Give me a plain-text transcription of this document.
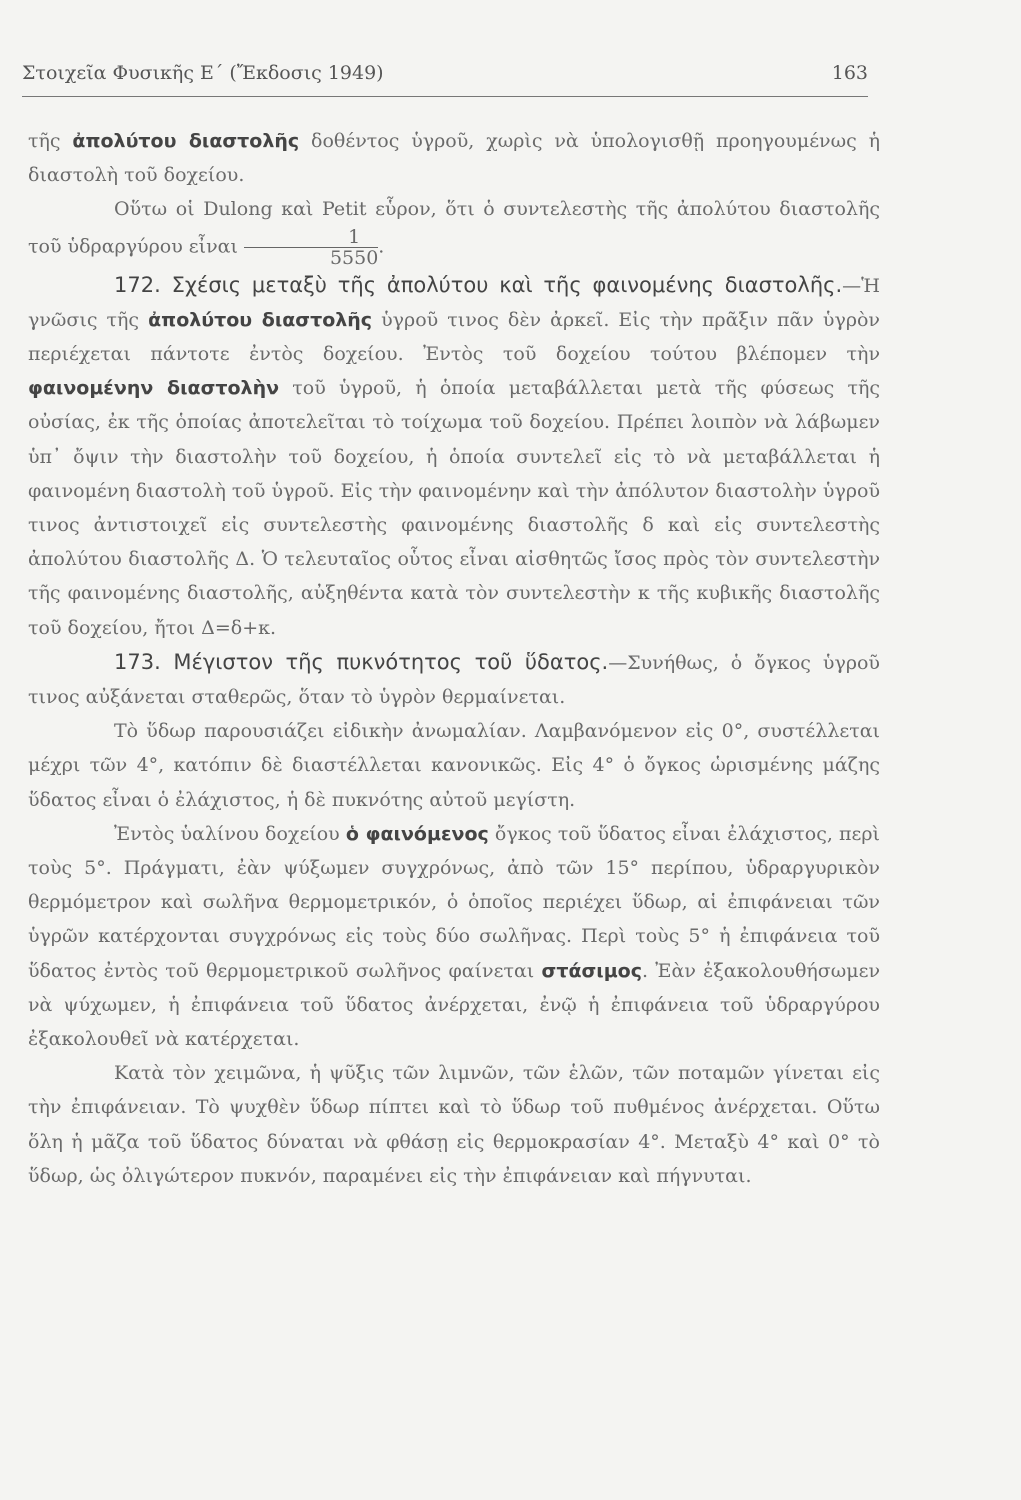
Στοιχεῖα Φυσικῆς Ε΄ (Ἔκδοσις 1949)	163

τῆς ἀπολύτου διαστολῆς δοθέντος ὑγροῦ, χωρὶς νὰ ὑπολογισθῇ προηγουμένως ἡ διαστολὴ τοῦ δοχείου.

Οὕτω οἱ Dulong καὶ Petit εὗρον, ὅτι ὁ συντελεστὴς τῆς ἀπολύτου διαστολῆς τοῦ ὑδραργύρου εἶναι $\frac{1}{5550}$ .

172. Σχέσις μεταξὺ τῆς ἀπολύτου καὶ τῆς φαινομένης διαστολῆς.—Ἡ γνῶσις τῆς ἀπολύτου διαστολῆς ὑγροῦ τινος δὲν ἀρκεῖ. Εἰς τὴν πρᾶξιν πᾶν ὑγρὸν περιέχεται πάντοτε ἐντὸς δοχείου. Ἐντὸς τοῦ δοχείου τούτου βλέπομεν τὴν φαινομένην διαστολὴν τοῦ ὑγροῦ, ἡ ὁποία μεταβάλλεται μετὰ τῆς φύσεως τῆς οὐσίας, ἐκ τῆς ὁποίας ἀποτελεῖται τὸ τοίχωμα τοῦ δοχείου. Πρέπει λοιπὸν νὰ λάβωμεν ὑπ᾿ ὄψιν τὴν διαστολὴν τοῦ δοχείου, ἡ ὁποία συντελεῖ εἰς τὸ νὰ μεταβάλλεται ἡ φαινομένη διαστολὴ τοῦ ὑγροῦ. Εἰς τὴν φαινομένην καὶ τὴν ἀπόλυτον διαστολὴν ὑγροῦ τινος ἀντιστοιχεῖ εἰς συντελεστὴς φαινομένης διαστολῆς δ καὶ εἰς συντελεστὴς ἀπολύτου διαστολῆς Δ. Ὁ τελευταῖος οὗτος εἶναι αἰσθητῶς ἴσος πρὸς τὸν συντελεστὴν τῆς φαινομένης διαστολῆς, αὐξηθέντα κατὰ τὸν συντελεστὴν κ τῆς κυβικῆς διαστολῆς τοῦ δοχείου, ἤτοι Δ=δ+κ.

173. Μέγιστον τῆς πυκνότητος τοῦ ὕδατος.—Συνήθως, ὁ ὄγκος ὑγροῦ τινος αὐξάνεται σταθερῶς, ὅταν τὸ ὑγρὸν θερμαίνεται.

Τὸ ὕδωρ παρουσιάζει εἰδικὴν ἀνωμαλίαν. Λαμβανόμενον εἰς 0°, συστέλλεται μέχρι τῶν 4°, κατόπιν δὲ διαστέλλεται κανονικῶς. Εἰς 4° ὁ ὄγκος ὡρισμένης μάζης ὕδατος εἶναι ὁ ἐλάχιστος, ἡ δὲ πυκνότης αὐτοῦ μεγίστη.

Ἐντὸς ὑαλίνου δοχείου ὁ φαινόμενος ὄγκος τοῦ ὕδατος εἶναι ἐλάχιστος, περὶ τοὺς 5°. Πράγματι, ἐὰν ψύξωμεν συγχρόνως, ἀπὸ τῶν 15° περίπου, ὑδραργυρικὸν θερμόμετρον καὶ σωλῆνα θερμομετρικόν, ὁ ὁποῖος περιέχει ὕδωρ, αἱ ἐπιφάνειαι τῶν ὑγρῶν κατέρχονται συγχρόνως εἰς τοὺς δύο σωλῆνας. Περὶ τοὺς 5° ἡ ἐπιφάνεια τοῦ ὕδατος ἐντὸς τοῦ θερμομετρικοῦ σωλῆνος φαίνεται στάσιμος. Ἐὰν ἐξακολουθήσωμεν νὰ ψύχωμεν, ἡ ἐπιφάνεια τοῦ ὕδατος ἀνέρχεται, ἐνῷ ἡ ἐπιφάνεια τοῦ ὑδραργύρου ἐξακολουθεῖ νὰ κατέρχεται.

Κατὰ τὸν χειμῶνα, ἡ ψῦξις τῶν λιμνῶν, τῶν ἑλῶν, τῶν ποταμῶν γίνεται εἰς τὴν ἐπιφάνειαν. Τὸ ψυχθὲν ὕδωρ πίπτει καὶ τὸ ὕδωρ τοῦ πυθμένος ἀνέρχεται. Οὕτω ὅλη ἡ μᾶζα τοῦ ὕδατος δύναται νὰ φθάσῃ εἰς θερμοκρασίαν 4°. Μεταξὺ 4° καὶ 0° τὸ ὕδωρ, ὡς ὀλιγώτερον πυκνόν, παραμένει εἰς τὴν ἐπιφάνειαν καὶ πήγνυται.
